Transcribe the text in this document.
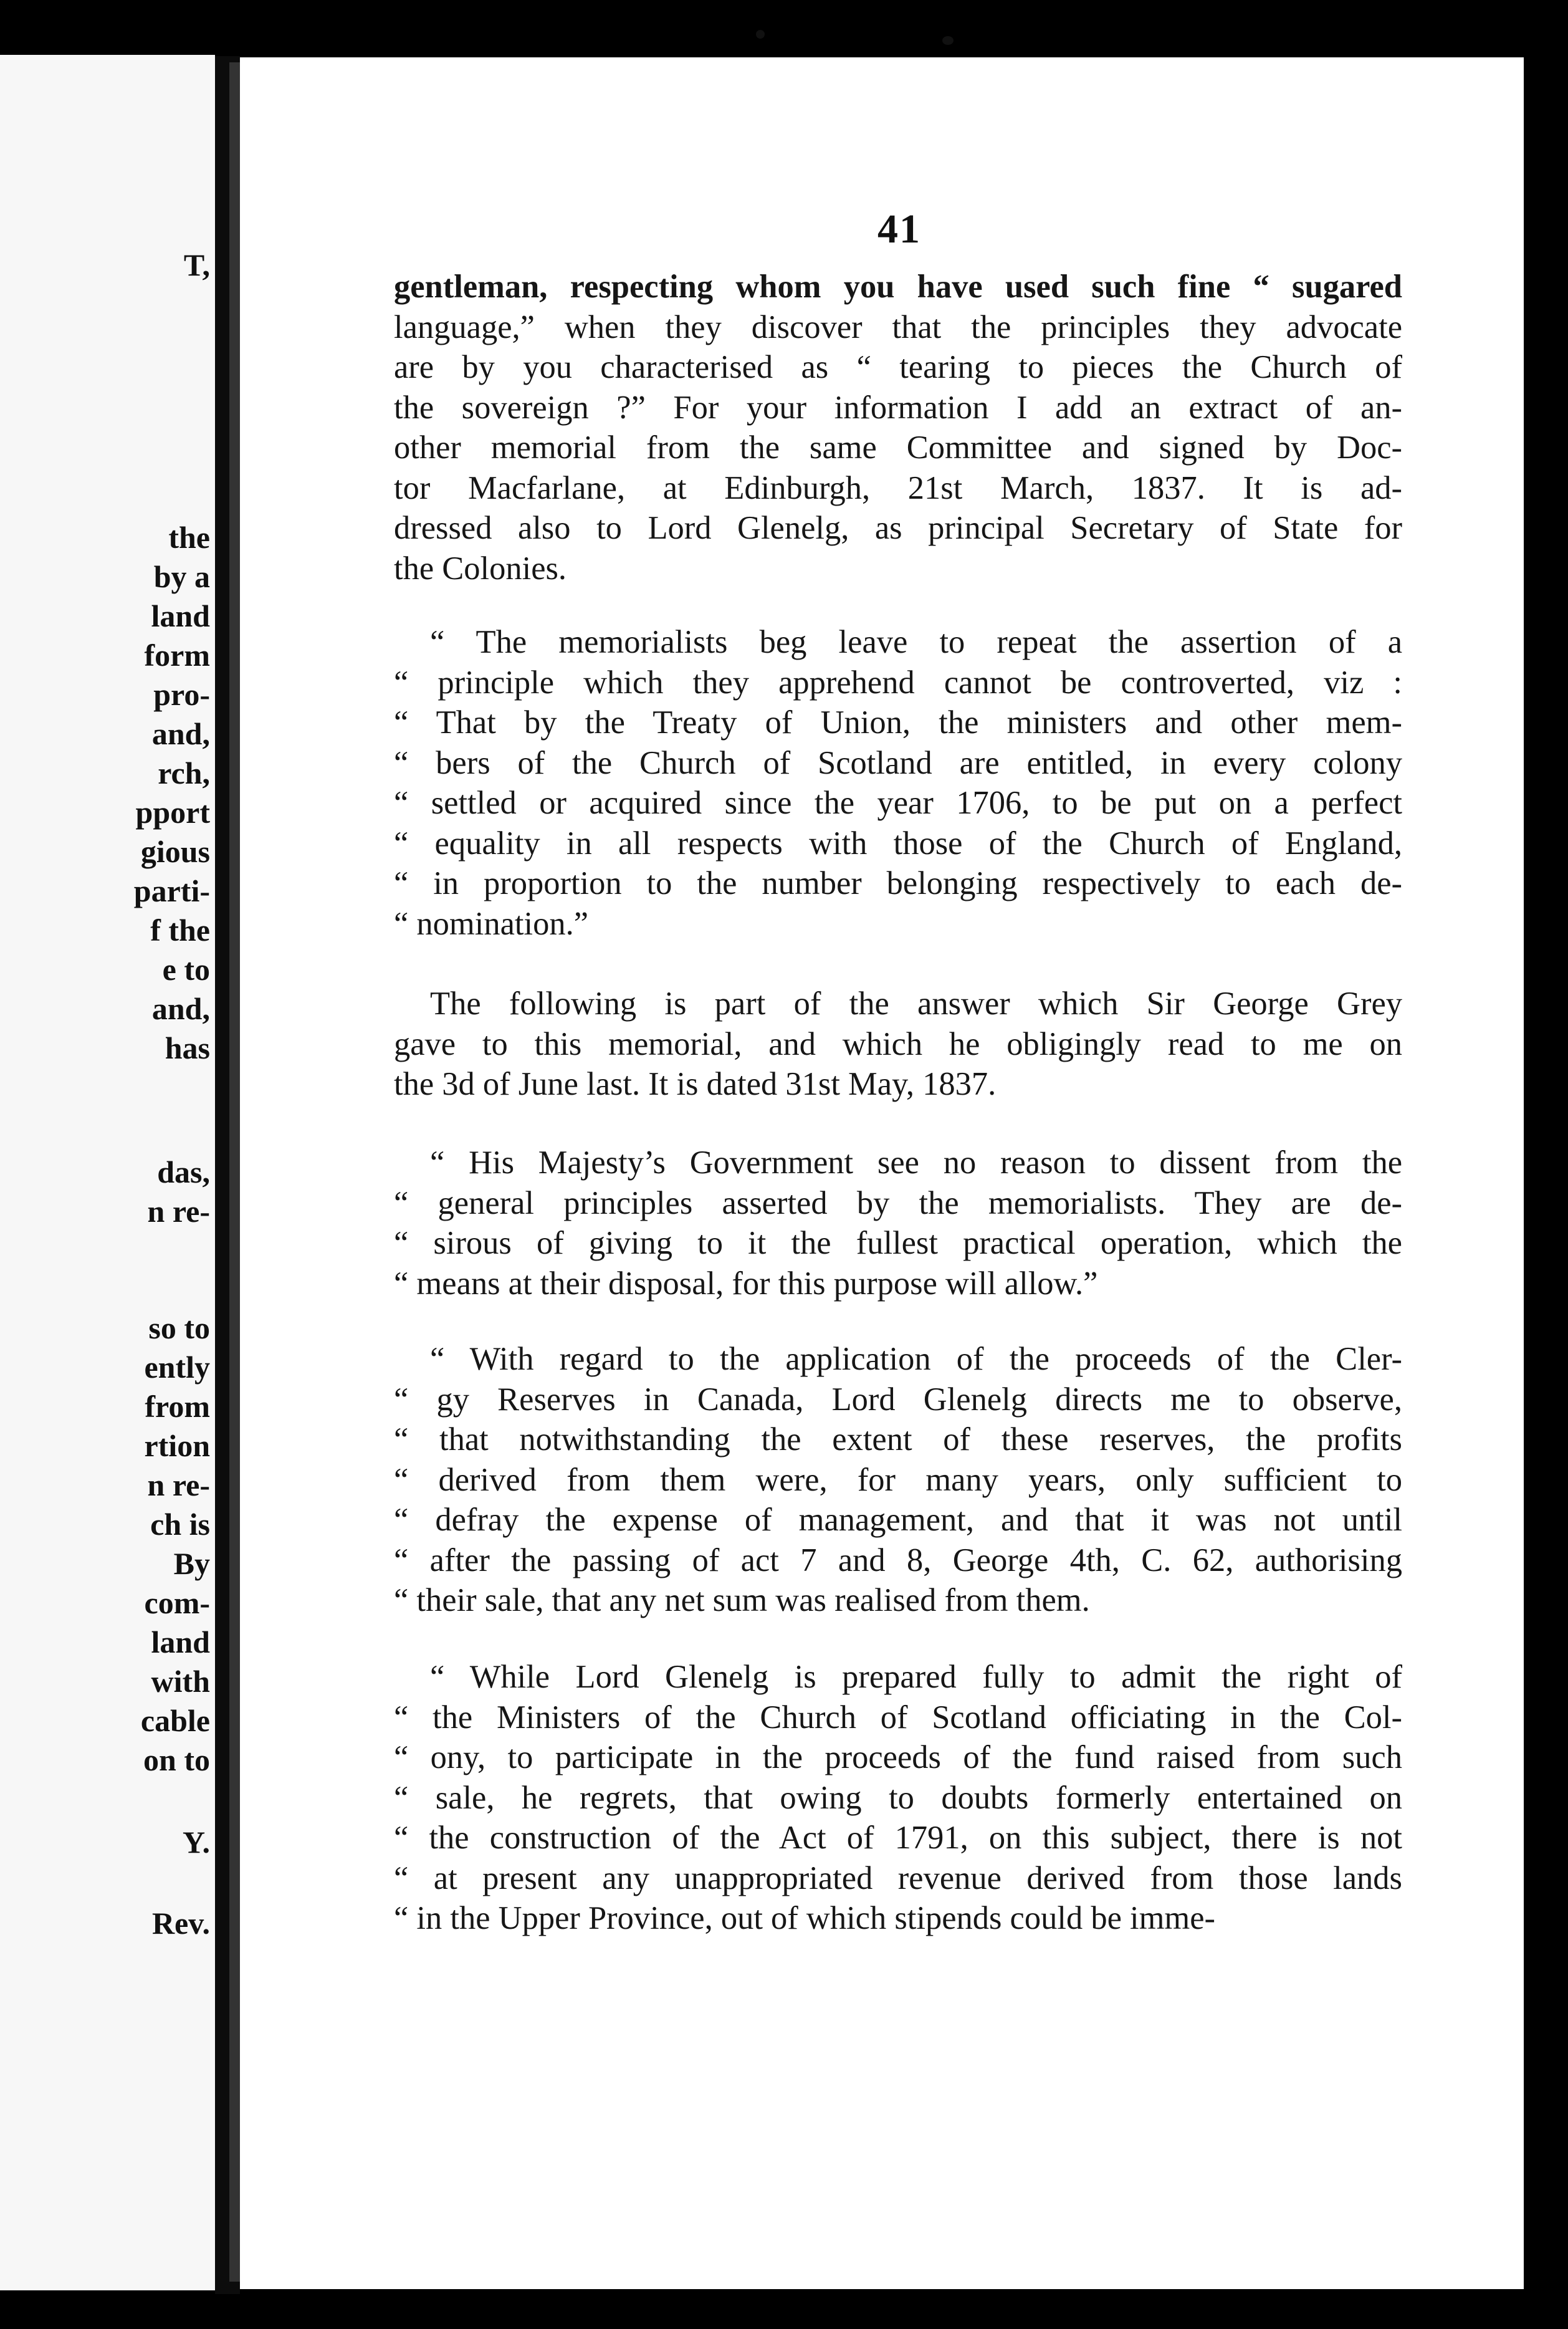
T,
the
by a
land
form
pro-
and,
rch,
pport
gious
parti-
f the
e to
and,
has
das,
n re-
so to
ently
from
rtion
n re-
ch is
By
com-
land
with
cable
on to
Y.
Rev.
41
gentleman, respecting whom you have used such fine “ sugared
language,” when they discover that the principles they advocate
are by you characterised as “ tearing to pieces the Church of
the sovereign ?” For your information I add an extract of an-
other memorial from the same Committee and signed by Doc-
tor Macfarlane, at Edinburgh, 21st March, 1837. It is ad-
dressed also to Lord Glenelg, as principal Secretary of State for
the Colonies.
“ The memorialists beg leave to repeat the assertion of a
“ principle which they apprehend cannot be controverted, viz :
“ That by the Treaty of Union, the ministers and other mem-
“ bers of the Church of Scotland are entitled, in every colony
“ settled or acquired since the year 1706, to be put on a perfect
“ equality in all respects with those of the Church of England,
“ in proportion to the number belonging respectively to each de-
“ nomination.”
The following is part of the answer which Sir George Grey
gave to this memorial, and which he obligingly read to me on
the 3d of June last. It is dated 31st May, 1837.
“ His Majesty’s Government see no reason to dissent from the
“ general principles asserted by the memorialists. They are de-
“ sirous of giving to it the fullest practical operation, which the
“ means at their disposal, for this purpose will allow.”
“ With regard to the application of the proceeds of the Cler-
“ gy Reserves in Canada, Lord Glenelg directs me to observe,
“ that notwithstanding the extent of these reserves, the profits
“ derived from them were, for many years, only sufficient to
“ defray the expense of management, and that it was not until
“ after the passing of act 7 and 8, George 4th, C. 62, authorising
“ their sale, that any net sum was realised from them.
“ While Lord Glenelg is prepared fully to admit the right of
“ the Ministers of the Church of Scotland officiating in the Col-
“ ony, to participate in the proceeds of the fund raised from such
“ sale, he regrets, that owing to doubts formerly entertained on
“ the construction of the Act of 1791, on this subject, there is not
“ at present any unappropriated revenue derived from those lands
“ in the Upper Province, out of which stipends could be imme-
